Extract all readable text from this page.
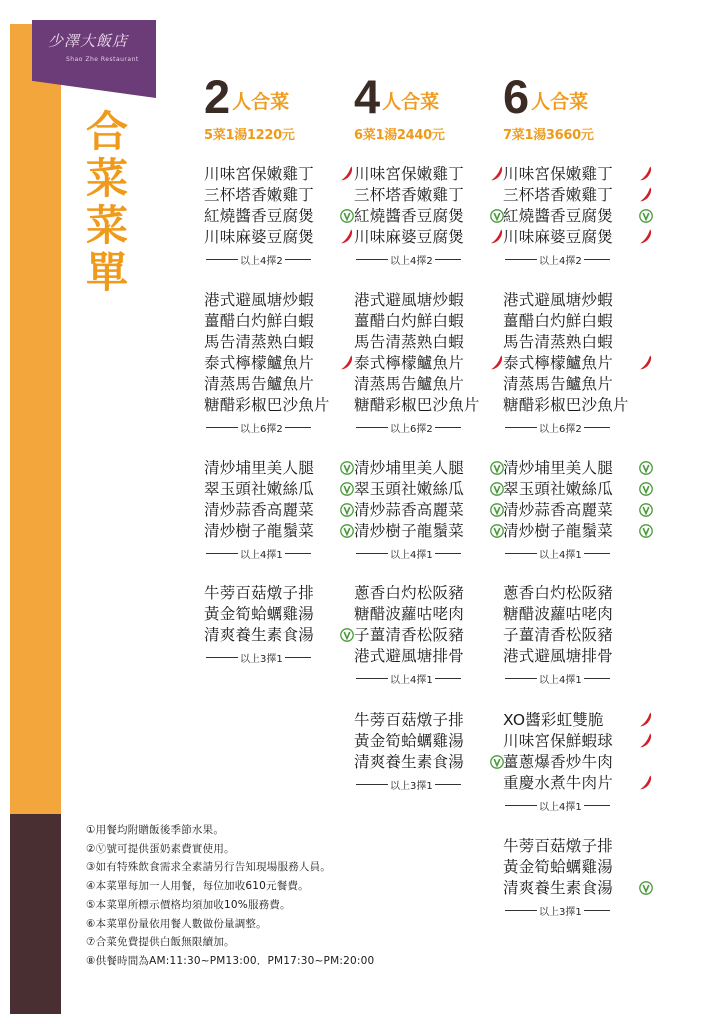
少澤大飯店
Shao Zhe Restaurant
合
菜
菜
單
2 人合菜
5菜1湯1220元
川味宮保嫩雞丁
三杯塔香嫩雞丁
紅燒醬香豆腐煲
川味麻婆豆腐煲
以上4擇2
港式避風塘炒蝦
薑醋白灼鮮白蝦
馬告清蒸熟白蝦
泰式檸檬鱸魚片
清蒸馬告鱸魚片
糖醋彩椒巴沙魚片
以上6擇2
清炒埔里美人腿
翠玉頭社嫩絲瓜
清炒蒜香高麗菜
清炒樹子龍鬚菜
以上4擇1
牛蒡百菇燉子排
黃金筍蛤蠣雞湯
清爽養生素食湯
以上3擇1
4 人合菜
6菜1湯2440元
川味宮保嫩雞丁
三杯塔香嫩雞丁
紅燒醬香豆腐煲
川味麻婆豆腐煲
以上4擇2
港式避風塘炒蝦
薑醋白灼鮮白蝦
馬告清蒸熟白蝦
泰式檸檬鱸魚片
清蒸馬告鱸魚片
糖醋彩椒巴沙魚片
以上6擇2
清炒埔里美人腿
翠玉頭社嫩絲瓜
清炒蒜香高麗菜
清炒樹子龍鬚菜
以上4擇1
蔥香白灼松阪豬
糖醋波蘿咕咾肉
子薑清香松阪豬
港式避風塘排骨
以上4擇1
牛蒡百菇燉子排
黃金筍蛤蠣雞湯
清爽養生素食湯
以上3擇1
6 人合菜
7菜1湯3660元
川味宮保嫩雞丁
三杯塔香嫩雞丁
紅燒醬香豆腐煲
川味麻婆豆腐煲
以上4擇2
港式避風塘炒蝦
薑醋白灼鮮白蝦
馬告清蒸熟白蝦
泰式檸檬鱸魚片
清蒸馬告鱸魚片
糖醋彩椒巴沙魚片
以上6擇2
清炒埔里美人腿
翠玉頭社嫩絲瓜
清炒蒜香高麗菜
清炒樹子龍鬚菜
以上4擇1
蔥香白灼松阪豬
糖醋波蘿咕咾肉
子薑清香松阪豬
港式避風塘排骨
以上4擇1
XO醬彩虹雙脆
川味宮保鮮蝦球
薑蔥爆香炒牛肉
重慶水煮牛肉片
以上4擇1
牛蒡百菇燉子排
黃金筍蛤蠣雞湯
清爽養生素食湯
以上3擇1
①用餐均附贈飯後季節水果。
②Ⓥ號可提供蛋奶素費實使用。
③如有特殊飲食需求全素請另行告知現場服務人員。
④本菜單每加一人用餐，每位加收610元餐費。
⑤本菜單所標示價格均須加收10%服務費。
⑥本菜單份量依用餐人數做份量調整。
⑦合菜免費提供白飯無限續加。
⑧供餐時間為AM:11:30~PM13:00．PM17:30~PM:20:00
